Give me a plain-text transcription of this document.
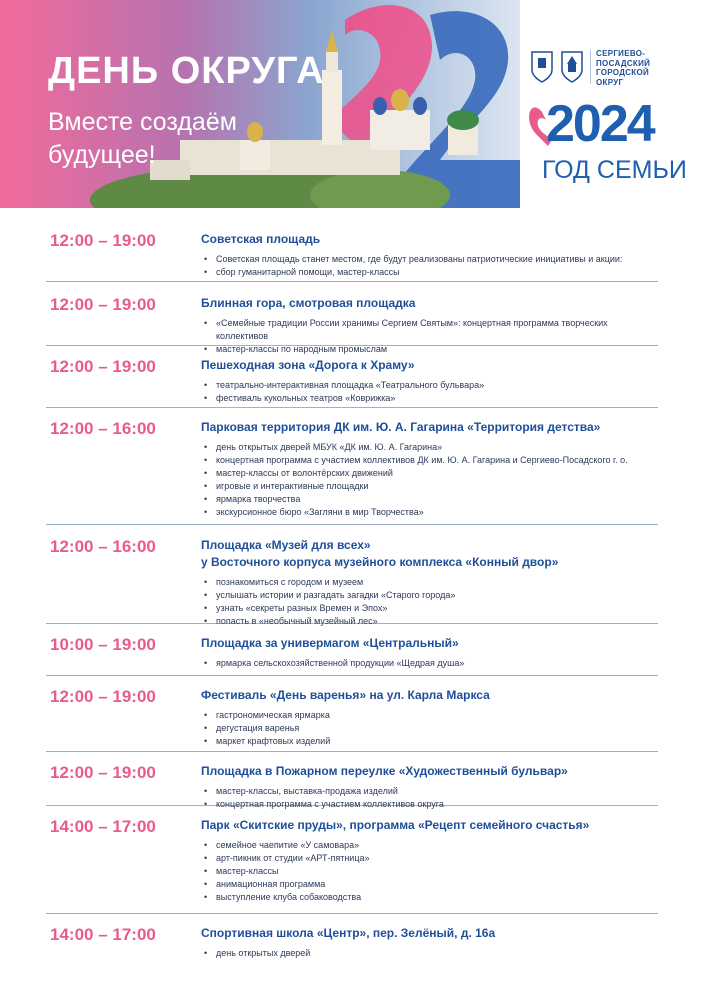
ДЕНЬ ОКРУГА
Вместе создаём
будущее!
СЕРГИЕВО-
ПОСАДСКИЙ
ГОРОДСКОЙ
ОКРУГ
2024
ГОД СЕМЬИ
12:00 – 19:00	Советская площадь
• Советская площадь станет местом, где будут реализованы патриотические инициативы и акции:
• сбор гуманитарной помощи, мастер-классы
12:00 – 19:00	Блинная гора, смотровая площадка
• «Семейные традиции России хранимы Сергием Святым»: концертная программа творческих коллективов
• мастер-классы по народным промыслам
12:00 – 19:00	Пешеходная зона «Дорога к Храму»
• театрально-интерактивная площадка «Театрального бульвара»
• фестиваль кукольных театров «Коврижка»
12:00 – 16:00	Парковая территория ДК им. Ю. А. Гагарина «Территория детства»
• день открытых дверей МБУК «ДК им. Ю. А. Гагарина»
• концертная программа с участием коллективов ДК им. Ю. А. Гагарина и Сергиево-Посадского г. о.
• мастер-классы от волонтёрских движений
• игровые и интерактивные площадки
• ярмарка творчества
• экскурсионное бюро «Загляни в мир Творчества»
12:00 – 16:00	Площадка «Музей для всех»
у Восточного корпуса музейного комплекса «Конный двор»
• познакомиться с городом и музеем
• услышать истории и разгадать загадки «Старого города»
• узнать «секреты разных Времен и Эпох»
• попасть в «необычный музейный лес»
10:00 – 19:00	Площадка за универмагом «Центральный»
• ярмарка сельскохозяйственной продукции «Щедрая душа»
12:00 – 19:00	Фестиваль «День варенья» на ул. Карла Маркса
• гастрономическая ярмарка
• дегустация варенья
• маркет крафтовых изделий
12:00 – 19:00	Площадка в Пожарном переулке «Художественный бульвар»
• мастер-классы, выставка-продажа изделий
• концертная программа с участием коллективов округа
14:00 – 17:00	Парк «Скитские пруды», программа «Рецепт семейного счастья»
• семейное чаепитие «У самовара»
• арт-пикник от студии «АРТ-пятница»
• мастер-классы
• анимационная программа
• выступление клуба собаководства
14:00 – 17:00	Спортивная школа «Центр», пер. Зелёный, д. 16а
• день открытых дверей
